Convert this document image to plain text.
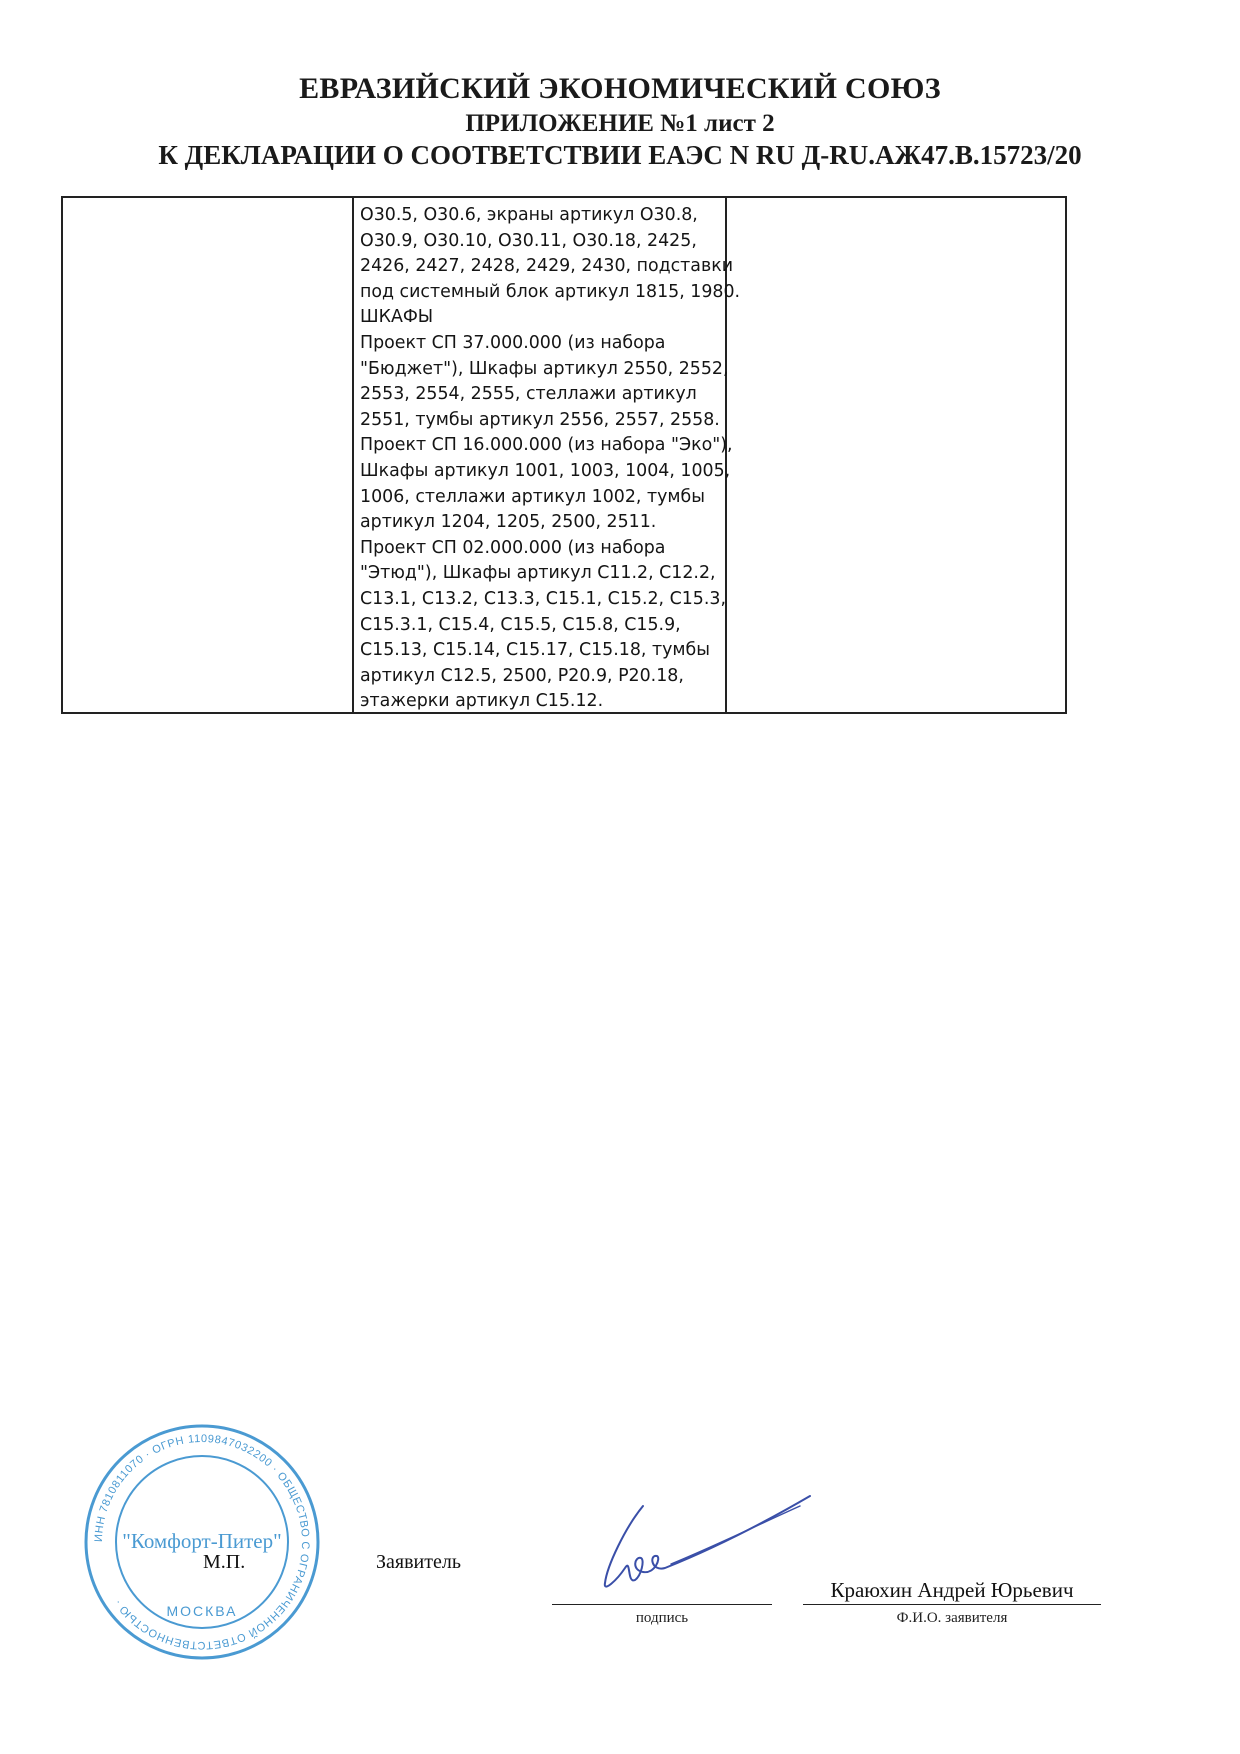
ЕВРАЗИЙСКИЙ ЭКОНОМИЧЕСКИЙ СОЮЗ
ПРИЛОЖЕНИЕ №1 лист 2
К ДЕКЛАРАЦИИ О СООТВЕТСТВИИ ЕАЭС N RU Д-RU.АЖ47.В.15723/20
О30.5, О30.6, экраны артикул О30.8,
О30.9, О30.10, О30.11, О30.18, 2425,
2426, 2427, 2428, 2429, 2430, подставки
под системный блок артикул 1815, 1980.
ШКАФЫ
Проект СП 37.000.000 (из набора
"Бюджет"), Шкафы артикул 2550, 2552,
2553, 2554, 2555, стеллажи артикул
2551, тумбы артикул 2556, 2557, 2558.
Проект СП 16.000.000 (из набора "Эко"),
Шкафы артикул 1001, 1003, 1004, 1005,
1006, стеллажи артикул 1002, тумбы
артикул 1204, 1205, 2500, 2511.
Проект СП 02.000.000 (из набора
"Этюд"), Шкафы артикул С11.2, С12.2,
С13.1, С13.2, С13.3, С15.1, С15.2, С15.3,
С15.3.1, С15.4, С15.5, С15.8, С15.9,
С15.13, С15.14, С15.17, С15.18, тумбы
артикул С12.5, 2500, Р20.9, Р20.18,
этажерки артикул С15.12.
ИНН 7810811070 · ОГРН 1109847032200 · ОБЩЕСТВО С ОГРАНИЧЕННОЙ ОТВЕТСТВЕННОСТЬЮ ·
"Комфорт-Питер"
МОСКВА
М.П.	Заявитель
Краюхин Андрей Юрьевич
подпись	Ф.И.О. заявителя
